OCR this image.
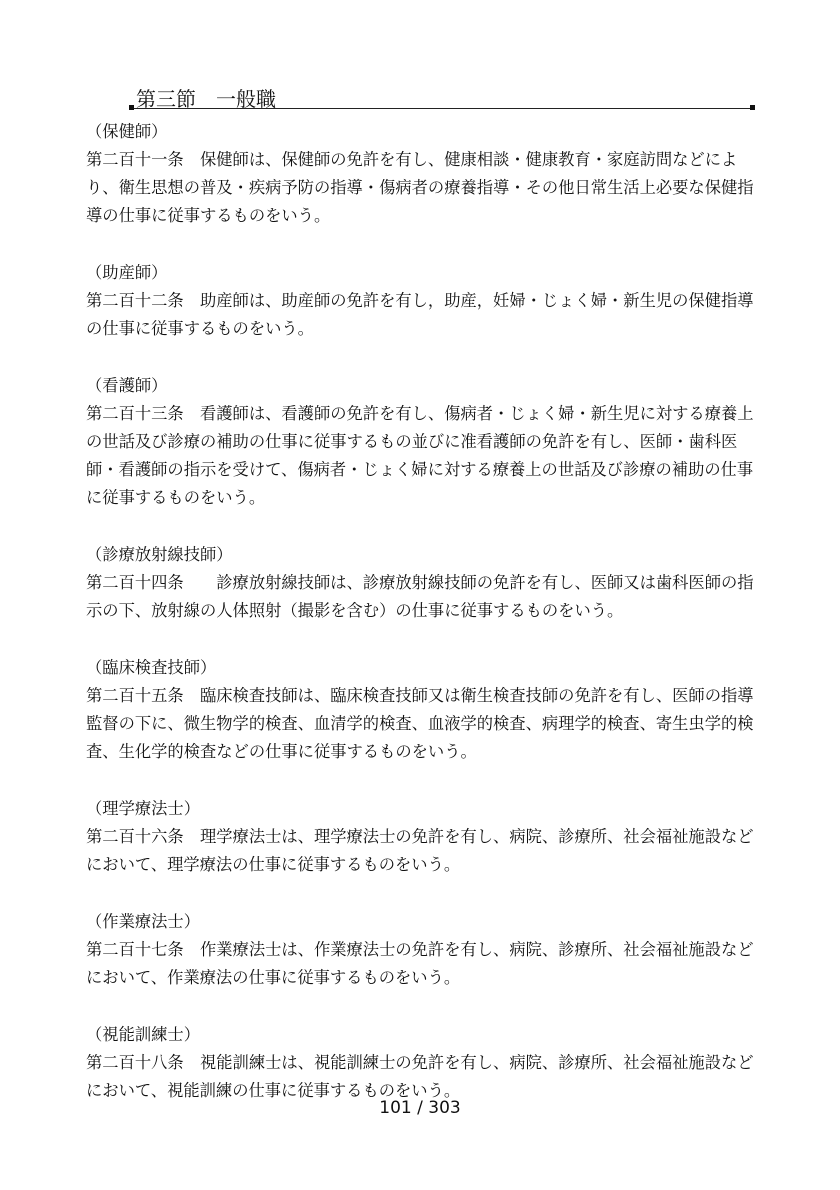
第三節　一般職

（保健師）

第二百十一条　保健師は、保健師の免許を有し、健康相談・健康教育・家庭訪問などにより、衛生思想の普及・疾病予防の指導・傷病者の療養指導・その他日常生活上必要な保健指導の仕事に従事するものをいう。

（助産師）

第二百十二条　助産師は、助産師の免許を有し，助産，妊婦・じょく婦・新生児の保健指導の仕事に従事するものをいう。

（看護師）

第二百十三条　看護師は、看護師の免許を有し、傷病者・じょく婦・新生児に対する療養上の世話及び診療の補助の仕事に従事するもの並びに准看護師の免許を有し、医師・歯科医師・看護師の指示を受けて、傷病者・じょく婦に対する療養上の世話及び診療の補助の仕事に従事するものをいう。

（診療放射線技師）

第二百十四条　　診療放射線技師は、診療放射線技師の免許を有し、医師又は歯科医師の指示の下、放射線の人体照射（撮影を含む）の仕事に従事するものをいう。

（臨床検査技師）

第二百十五条　臨床検査技師は、臨床検査技師又は衛生検査技師の免許を有し、医師の指導監督の下に、微生物学的検査、血清学的検査、血液学的検査、病理学的検査、寄生虫学的検査、生化学的検査などの仕事に従事するものをいう。

（理学療法士）

第二百十六条　理学療法士は、理学療法士の免許を有し、病院、診療所、社会福祉施設などにおいて、理学療法の仕事に従事するものをいう。

（作業療法士）

第二百十七条　作業療法士は、作業療法士の免許を有し、病院、診療所、社会福祉施設などにおいて、作業療法の仕事に従事するものをいう。

（視能訓練士）

第二百十八条　視能訓練士は、視能訓練士の免許を有し、病院、診療所、社会福祉施設などにおいて、視能訓練の仕事に従事するものをいう。

101 / 303
